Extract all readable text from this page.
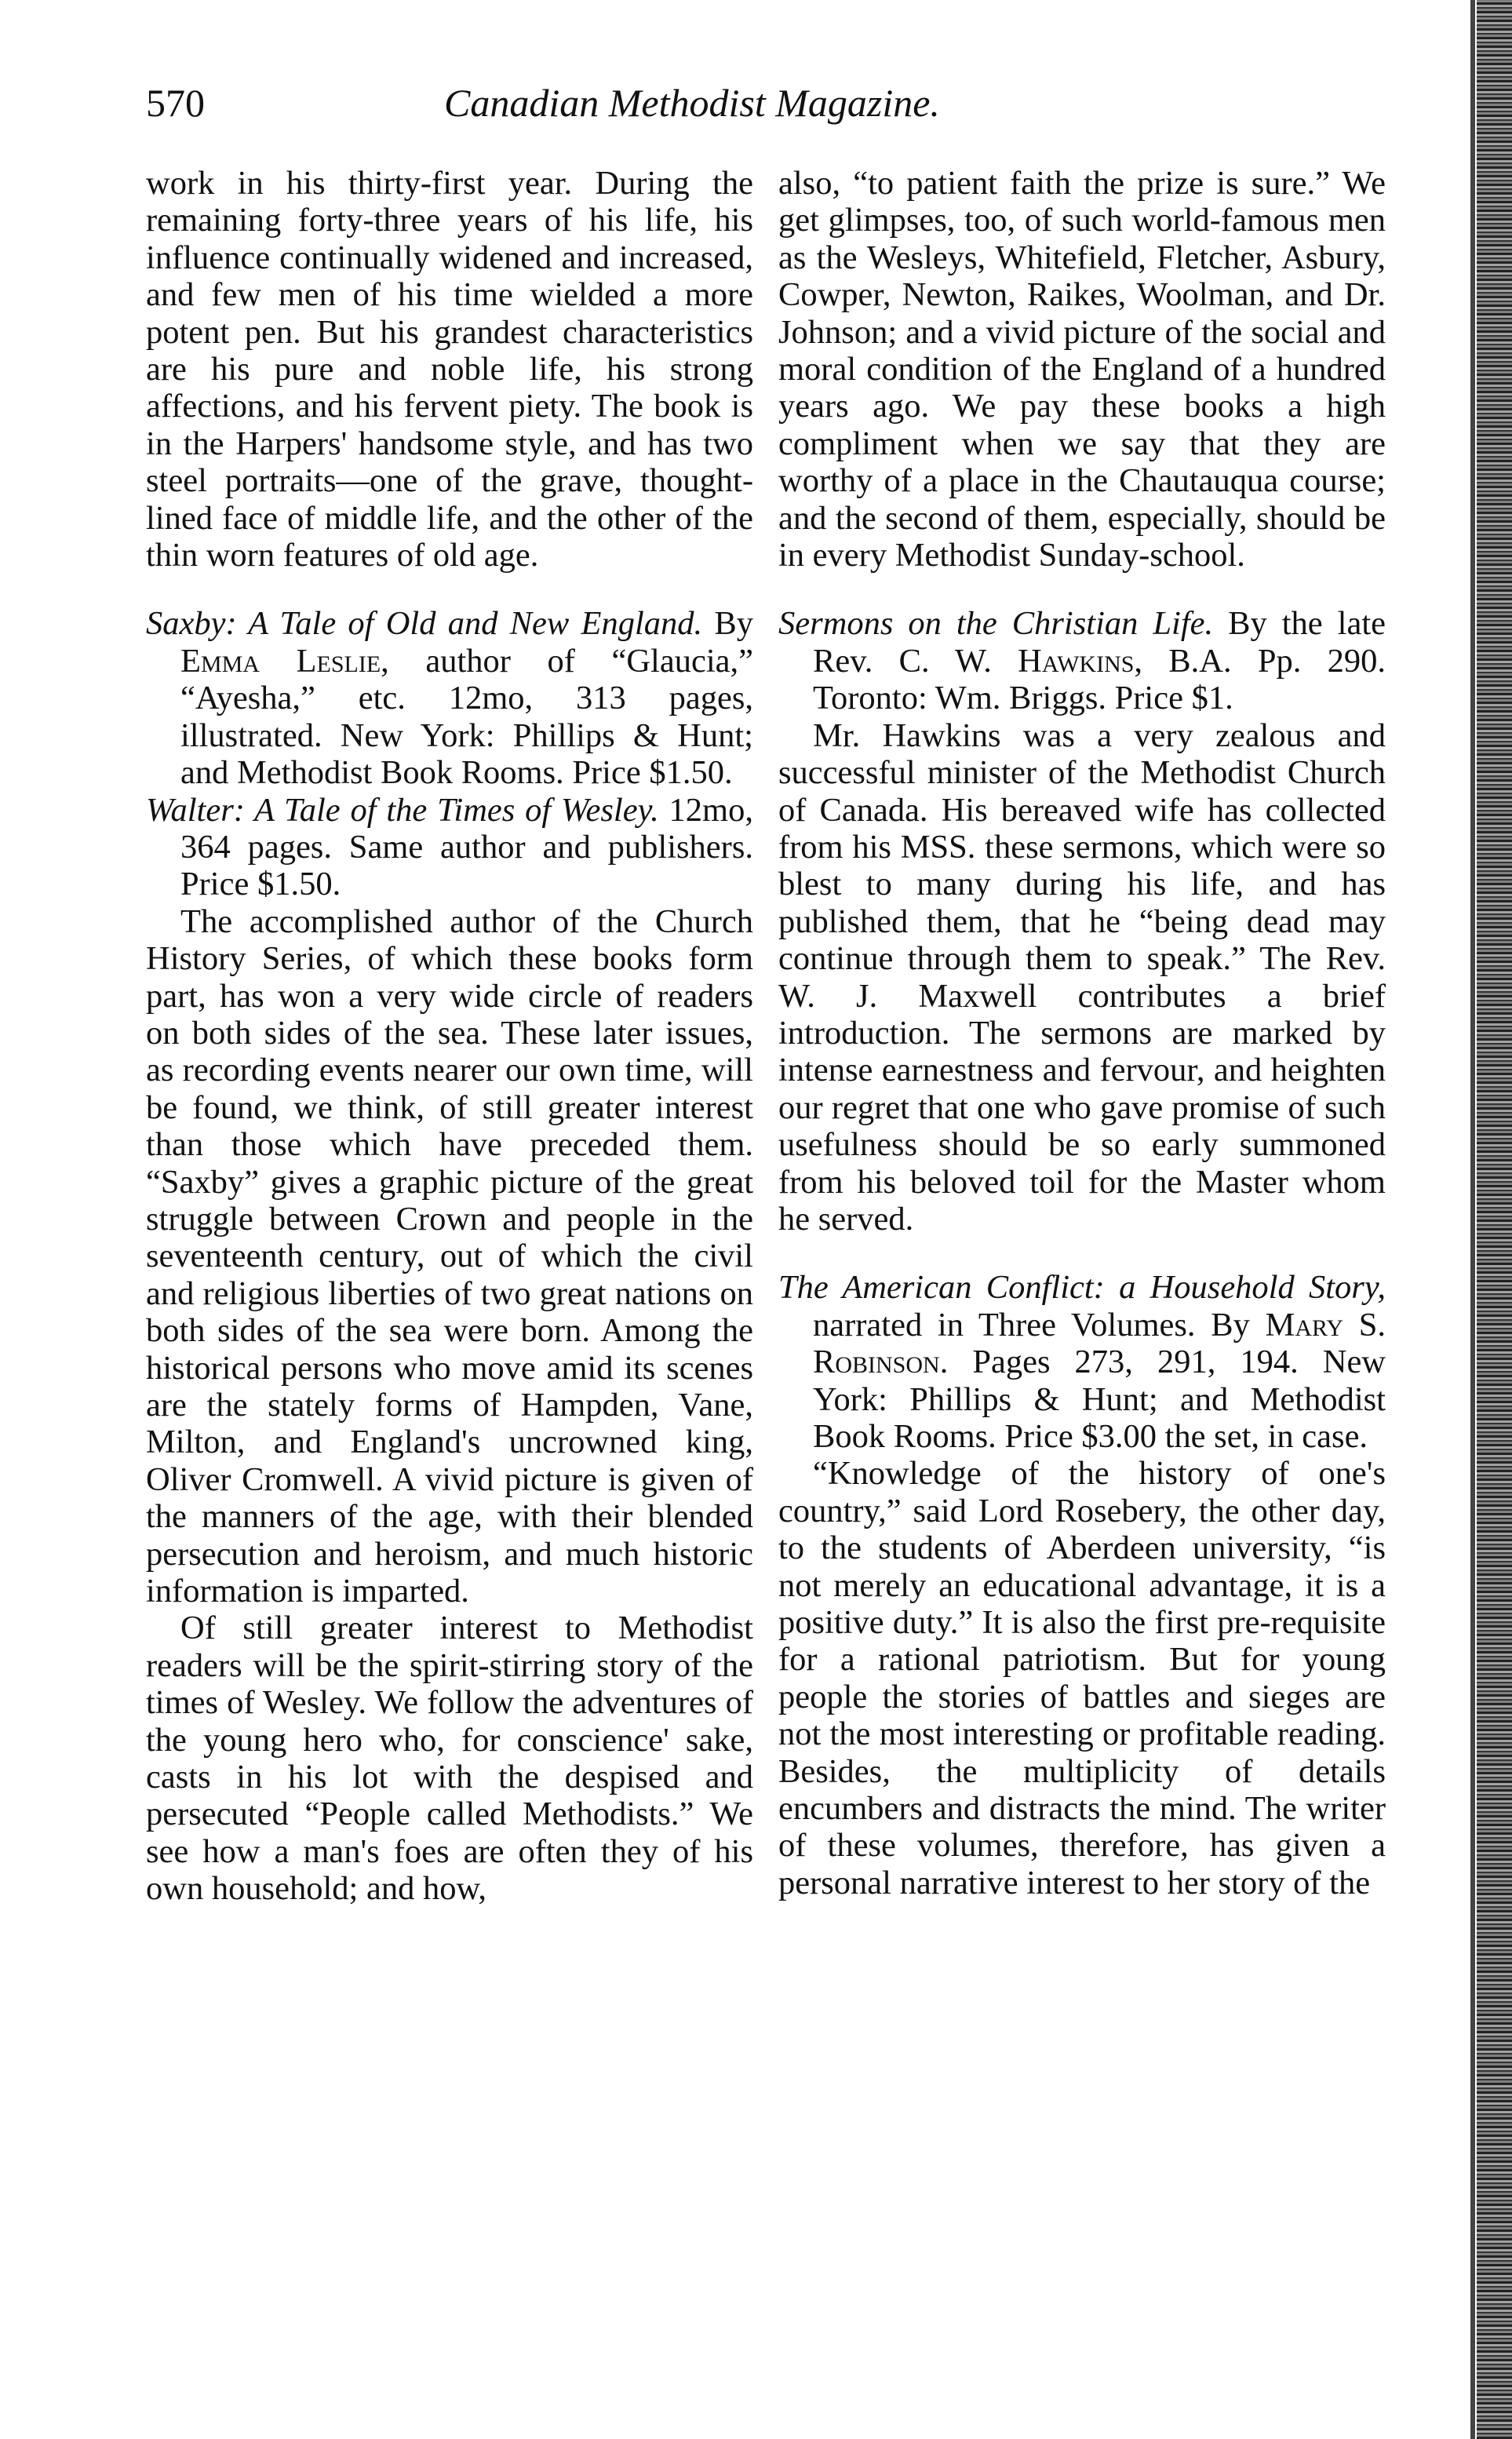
570	Canadian Methodist Magazine.

work in his thirty-first year. During the remaining forty-three years of his life, his influence continually widened and increased, and few men of his time wielded a more potent pen. But his grandest characteristics are his pure and noble life, his strong affections, and his fervent piety. The book is in the Harpers' handsome style, and has two steel portraits—one of the grave, thought-lined face of middle life, and the other of the thin worn features of old age.

Saxby: A Tale of Old and New England. By Emma Leslie, author of “Glaucia,” “Ayesha,” etc. 12mo, 313 pages, illustrated. New York: Phillips & Hunt; and Methodist Book Rooms. Price $1.50.

Walter: A Tale of the Times of Wesley. 12mo, 364 pages. Same author and publishers. Price $1.50.

The accomplished author of the Church History Series, of which these books form part, has won a very wide circle of readers on both sides of the sea. These later issues, as recording events nearer our own time, will be found, we think, of still greater interest than those which have preceded them. “Saxby” gives a graphic picture of the great struggle between Crown and people in the seventeenth century, out of which the civil and religious liberties of two great nations on both sides of the sea were born. Among the historical persons who move amid its scenes are the stately forms of Hampden, Vane, Milton, and England's uncrowned king, Oliver Cromwell. A vivid picture is given of the manners of the age, with their blended persecution and heroism, and much historic information is imparted.

Of still greater interest to Methodist readers will be the spirit-stirring story of the times of Wesley. We follow the adventures of the young hero who, for conscience' sake, casts in his lot with the despised and persecuted “People called Methodists.” We see how a man's foes are often they of his own household; and how,

also, “to patient faith the prize is sure.” We get glimpses, too, of such world-famous men as the Wesleys, Whitefield, Fletcher, Asbury, Cowper, Newton, Raikes, Woolman, and Dr. Johnson; and a vivid picture of the social and moral condition of the England of a hundred years ago. We pay these books a high compliment when we say that they are worthy of a place in the Chautauqua course; and the second of them, especially, should be in every Methodist Sunday-school.

Sermons on the Christian Life. By the late Rev. C. W. Hawkins, B.A. Pp. 290. Toronto: Wm. Briggs. Price $1.

Mr. Hawkins was a very zealous and successful minister of the Methodist Church of Canada. His bereaved wife has collected from his MSS. these sermons, which were so blest to many during his life, and has published them, that he “being dead may continue through them to speak.” The Rev. W. J. Maxwell contributes a brief introduction. The sermons are marked by intense earnestness and fervour, and heighten our regret that one who gave promise of such usefulness should be so early summoned from his beloved toil for the Master whom he served.

The American Conflict: a Household Story, narrated in Three Volumes. By Mary S. Robinson. Pages 273, 291, 194. New York: Phillips & Hunt; and Methodist Book Rooms. Price $3.00 the set, in case.

“Knowledge of the history of one's country,” said Lord Rosebery, the other day, to the students of Aberdeen university, “is not merely an educational advantage, it is a positive duty.” It is also the first pre-requisite for a rational patriotism. But for young people the stories of battles and sieges are not the most interesting or profitable reading. Besides, the multiplicity of details encumbers and distracts the mind. The writer of these volumes, therefore, has given a personal narrative interest to her story of the
